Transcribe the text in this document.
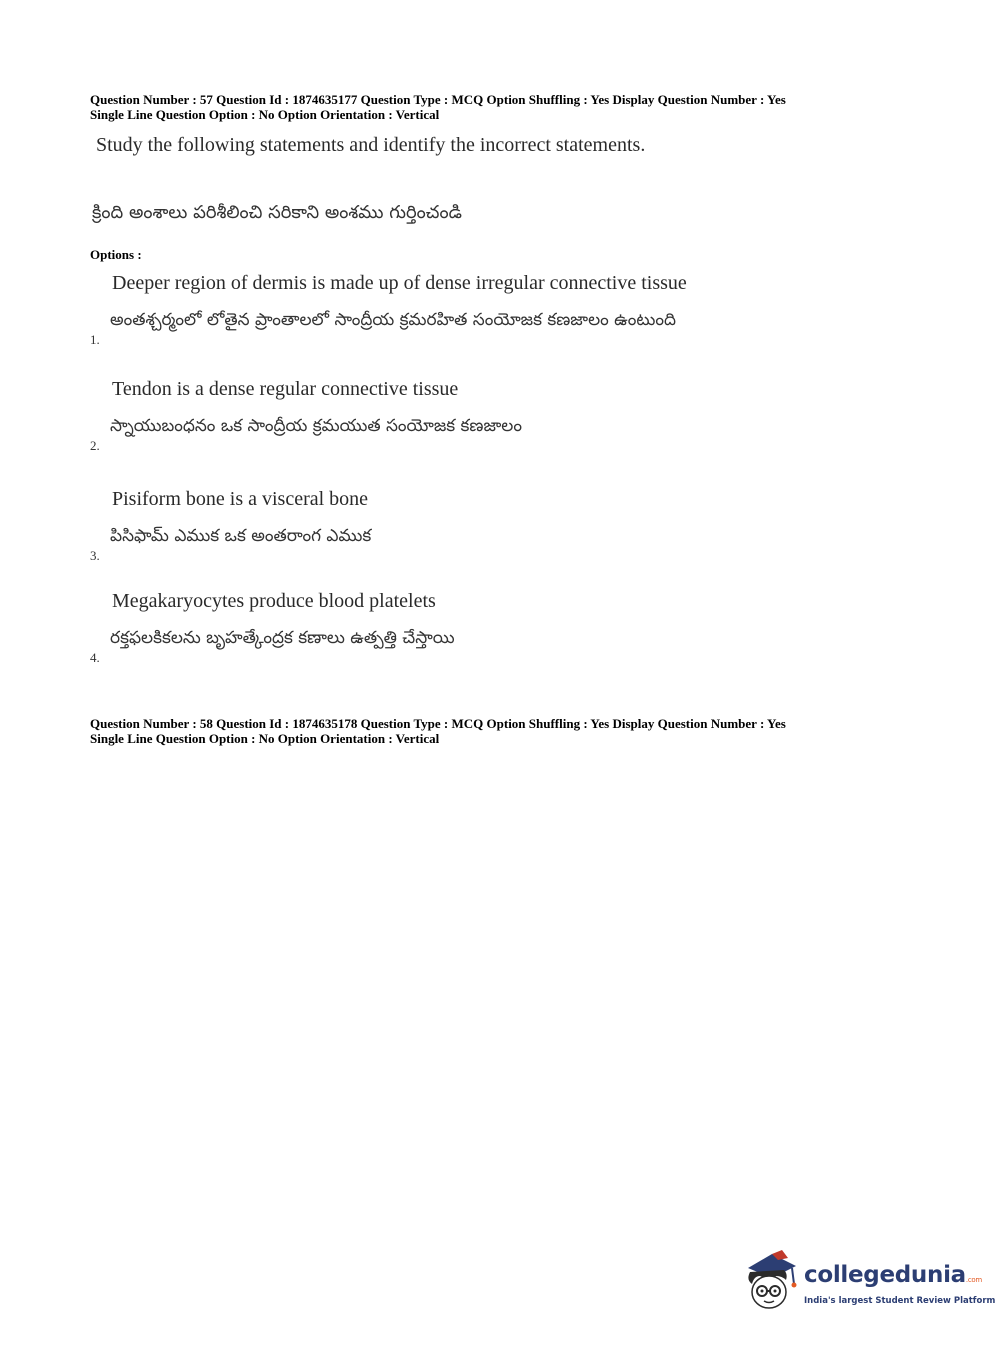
Question Number : 57 Question Id : 1874635177 Question Type : MCQ Option Shuffling : Yes Display Question Number : Yes
Single Line Question Option : No Option Orientation : Vertical
Study the following statements and identify the incorrect statements.
క్రింది అంశాలు పరిశీలించి సరికాని అంశము గుర్తించండి
Options :
Deeper region of dermis is made up of dense irregular connective tissue
అంతశ్చర్మంలో లోతైన ప్రాంతాలలో సాంద్రీయ క్రమరహిత సంయోజక కణజాలం ఉంటుంది
1.
Tendon is a dense regular connective tissue
స్నాయుబంధనం ఒక సాంద్రీయ క్రమయుత సంయోజక కణజాలం
2.
Pisiform bone is a visceral bone
పిసిఫామ్ ఎముక ఒక అంతరాంగ ఎముక
3.
Megakaryocytes produce blood platelets
రక్తఫలకికలను బృహత్కేంద్రక కణాలు ఉత్పత్తి చేస్తాయి
4.
Question Number : 58 Question Id : 1874635178 Question Type : MCQ Option Shuffling : Yes Display Question Number : Yes
Single Line Question Option : No Option Orientation : Vertical
collegedunia.com
India's largest Student Review Platform
